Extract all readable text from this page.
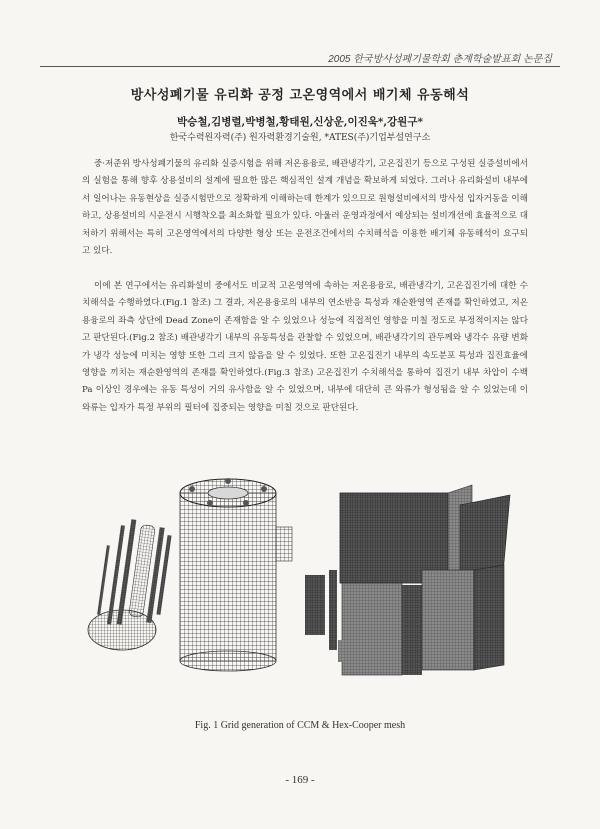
2005 한국방사성폐기물학회 춘계학술발표회 논문집
방사성폐기물 유리화 공정 고온영역에서 배기체 유동해석
박승철,김병렬,박병철,황태원,신상운,이진욱*,강원구*
한국수력원자력(주) 원자력환경기술원, *ATES(주)기업부설연구소

중·저준위 방사성폐기물의 유리화 실증시험을 위해 저온용융로, 배관냉각기, 고온집진기 등으로 구성된 실증설비에서의 실험을 통해 향후 상용설비의 설계에 필요한 많은 핵심적인 설계 개념을 확보하게 되었다. 그러나 유리화설비 내부에서 일어나는 유동현상을 실증시험만으로 정확하게 이해하는데 한계가 있으므로 원형설비에서의 방사성 입자거동을 이해하고, 상용설비의 시운전시 시행착오를 최소화할 필요가 있다. 아울러 운영과정에서 예상되는 설비개선에 효율적으로 대처하기 위해서는 특히 고온영역에서의 다양한 형상 또는 운전조건에서의 수치해석을 이용한 배기체 유동해석이 요구되고 있다.

이에 본 연구에서는 유리화설비 중에서도 비교적 고온영역에 속하는 저온용융로, 배관냉각기, 고온집진기에 대한 수치해석을 수행하였다.(Fig.1 참조) 그 결과, 저온용융로의 내부의 연소반응 특성과 재순환영역 존재를 확인하였고, 저온용융로의 좌측 상단에 Dead Zone이 존재함을 알 수 있었으나 성능에 직접적인 영향을 미칠 정도로 부정적이지는 않다고 판단된다.(Fig.2 참조) 배관냉각기 내부의 유동특성을 관찰할 수 있었으며, 배관냉각기의 관두께와 냉각수 유량 변화가 냉각 성능에 미치는 영향 또한 그리 크지 않음을 알 수 있었다. 또한 고온집진기 내부의 속도분포 특성과 집진효율에 영향을 끼치는 재순환영역의 존재를 확인하였다.(Fig.3 참조) 고온집진기 수치해석을 통하여 집진기 내부 차압이 수백Pa 이상인 경우에는 유동 특성이 거의 유사함을 알 수 있었으며, 내부에 대단히 큰 와류가 형성됨을 알 수 있었는데 이 와류는 입자가 특정 부위의 필터에 집중되는 영향을 미칠 것으로 판단된다.

Fig. 1 Grid generation of CCM & Hex-Cooper mesh
- 169 -
